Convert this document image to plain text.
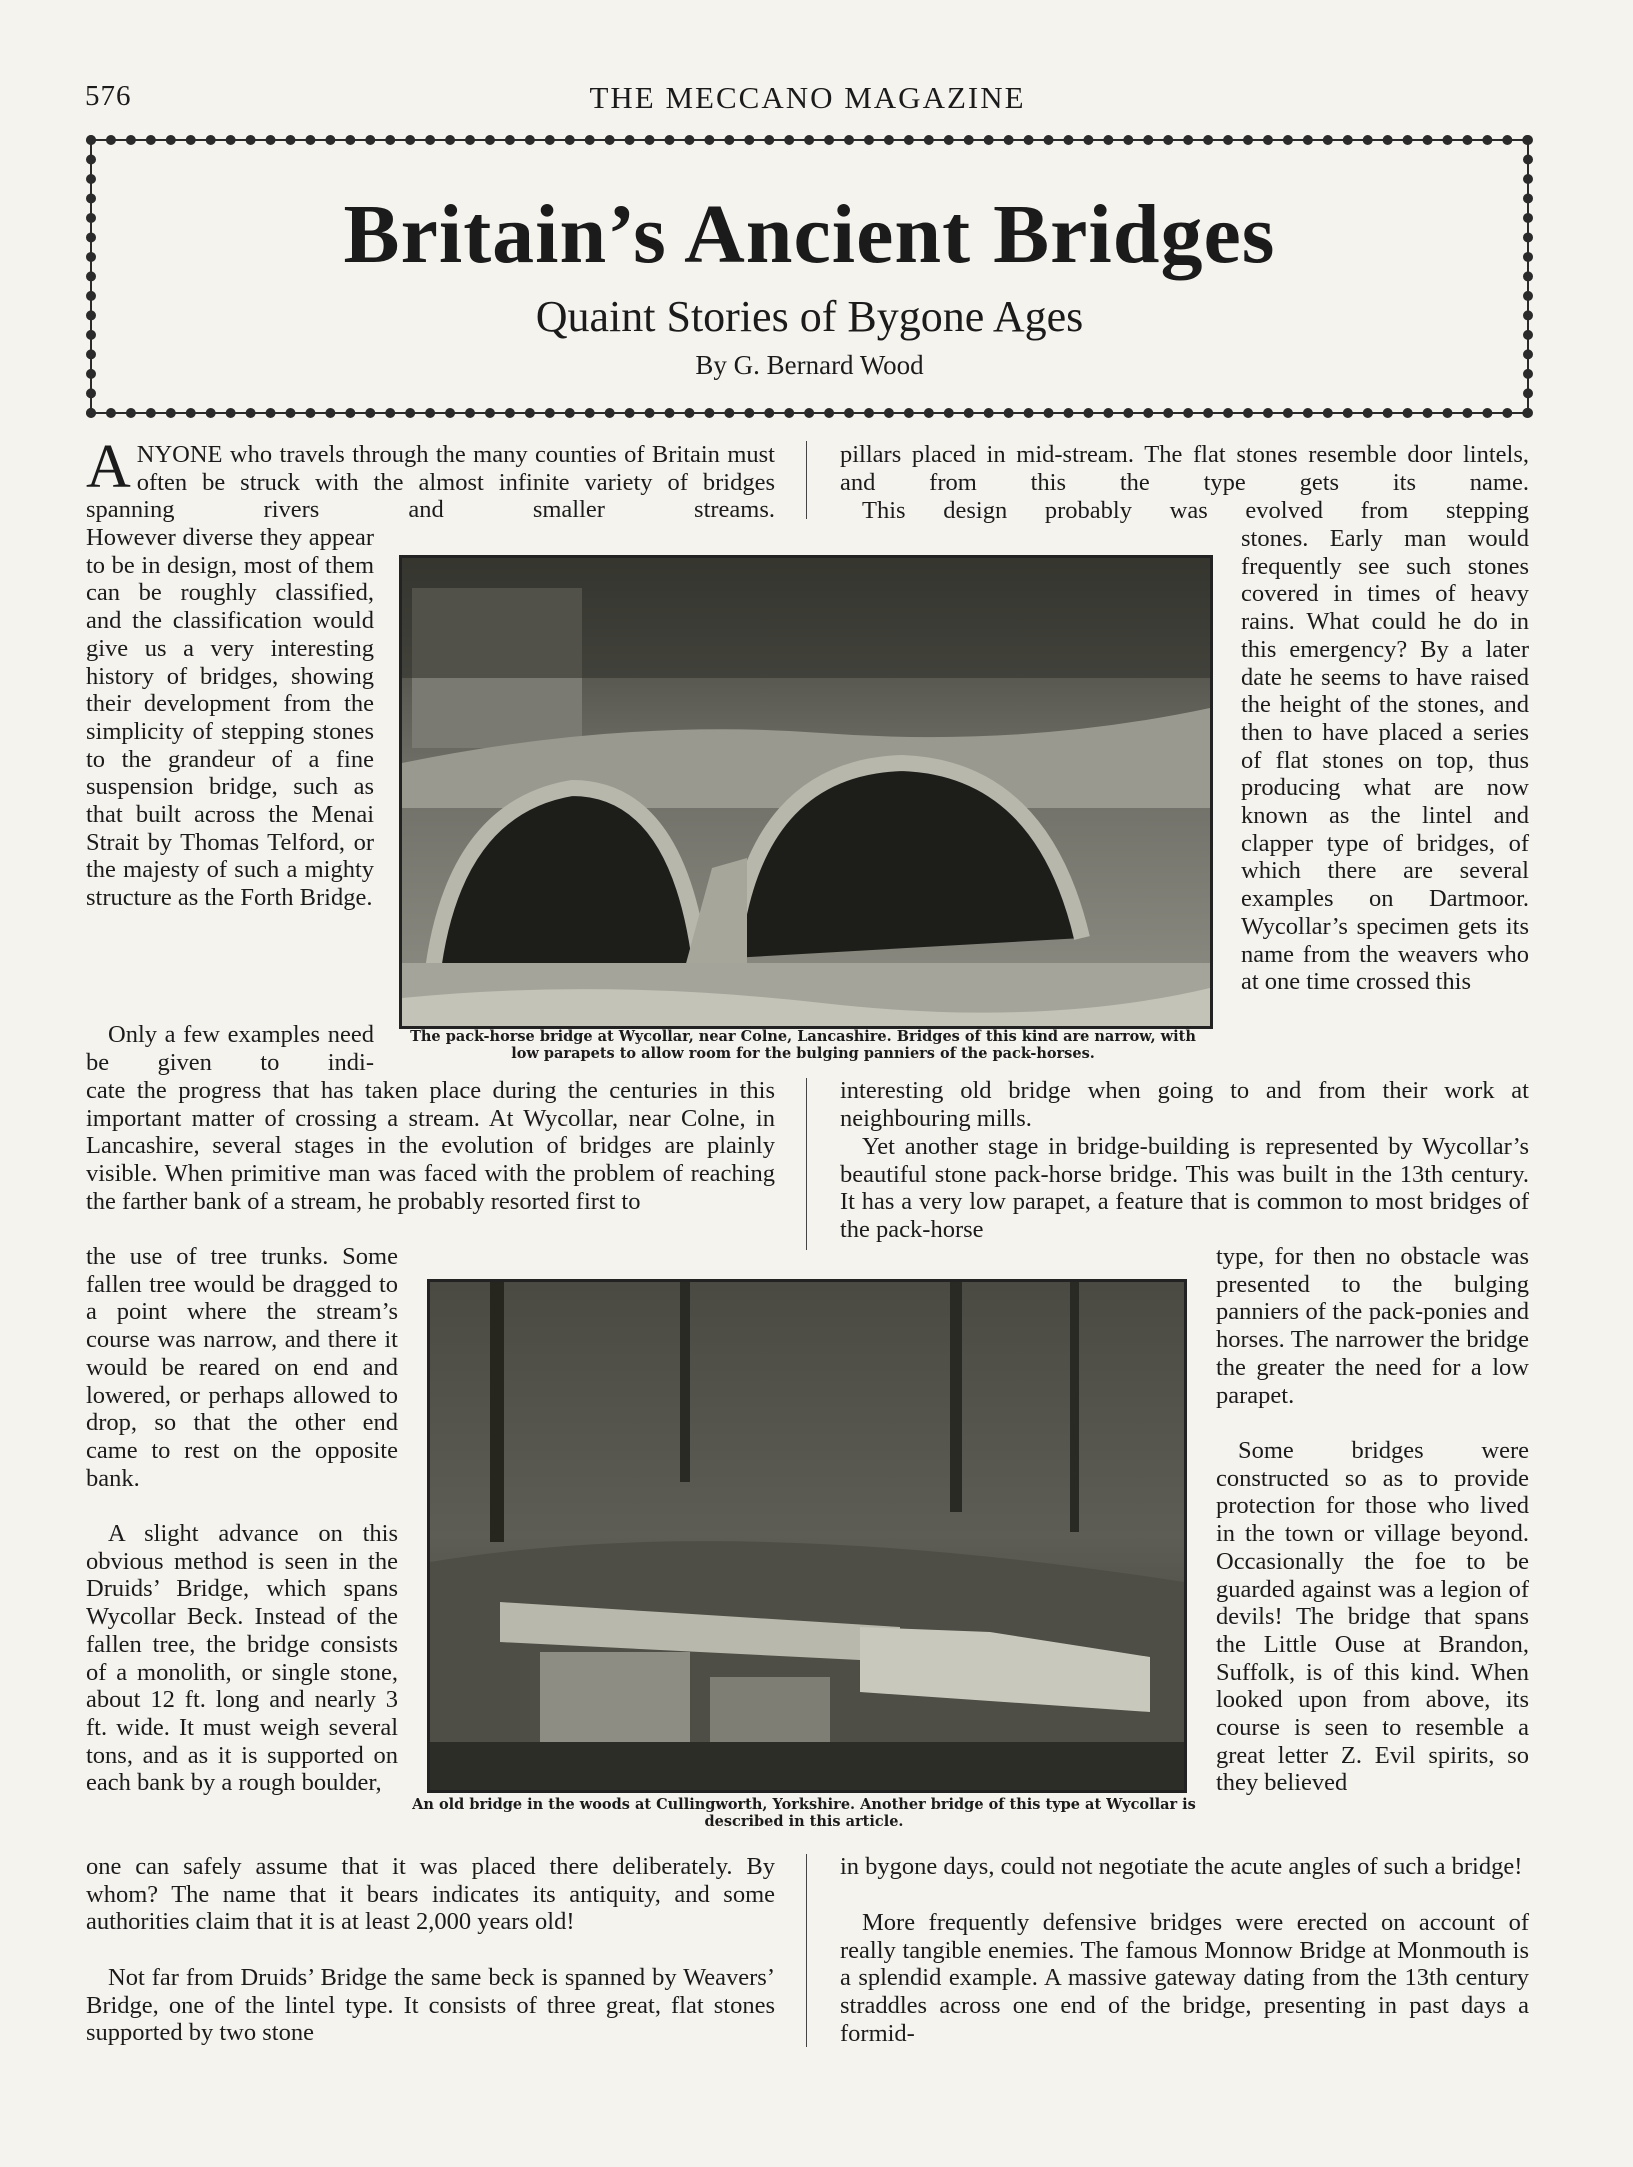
576	THE MECCANO MAGAZINE
Britain’s Ancient Bridges
Quaint Stories of Bygone Ages
By G. Bernard Wood

ANYONE who travels through the many counties of Britain must often be struck with the almost infinite variety of bridges spanning rivers and smaller streams.

However diverse they appear to be in design, most of them can be roughly classified, and the classification would give us a very interesting history of bridges, showing their development from the simplicity of stepping stones to the grandeur of a fine suspension bridge, such as that built across the Menai Strait by Thomas Telford, or the majesty of such a mighty structure as the Forth Bridge.

Only a few examples need be given to indi-

pillars placed in mid-stream. The flat stones resemble door lintels, and from this the type gets its name.

This design probably was evolved from stepping

stones. Early man would frequently see such stones covered in times of heavy rains. What could he do in this emergency? By a later date he seems to have raised the height of the stones, and then to have placed a series of flat stones on top, thus producing what are now known as the lintel and clapper type of bridges, of which there are several examples on Dartmoor. Wycollar’s specimen gets its name from the weavers who at one time crossed this

The pack-horse bridge at Wycollar, near Colne, Lancashire. Bridges of this kind are narrow, with low parapets to allow room for the bulging panniers of the pack-horses.

cate the progress that has taken place during the centuries in this important matter of crossing a stream. At Wycollar, near Colne, in Lancashire, several stages in the evolution of bridges are plainly visible. When primitive man was faced with the problem of reaching the farther bank of a stream, he probably resorted first to

interesting old bridge when going to and from their work at neighbouring mills.

Yet another stage in bridge-building is represented by Wycollar’s beautiful stone pack-horse bridge. This was built in the 13th century. It has a very low parapet, a feature that is common to most bridges of the pack-horse

the use of tree trunks. Some fallen tree would be dragged to a point where the stream’s course was narrow, and there it would be reared on end and lowered, or perhaps allowed to drop, so that the other end came to rest on the opposite bank.

A slight advance on this obvious method is seen in the Druids’ Bridge, which spans Wycollar Beck. Instead of the fallen tree, the bridge consists of a monolith, or single stone, about 12 ft. long and nearly 3 ft. wide. It must weigh several tons, and as it is supported on each bank by a rough boulder,

An old bridge in the woods at Cullingworth, Yorkshire. Another bridge of this type at Wycollar is described in this article.

type, for then no obstacle was presented to the bulging panniers of the pack-ponies and horses. The narrower the bridge the greater the need for a low parapet.

Some bridges were constructed so as to provide protection for those who lived in the town or village beyond. Occasionally the foe to be guarded against was a legion of devils! The bridge that spans the Little Ouse at Brandon, Suffolk, is of this kind. When looked upon from above, its course is seen to resemble a great letter Z. Evil spirits, so they believed

one can safely assume that it was placed there deliberately. By whom? The name that it bears indicates its antiquity, and some authorities claim that it is at least 2,000 years old!

Not far from Druids’ Bridge the same beck is spanned by Weavers’ Bridge, one of the lintel type. It consists of three great, flat stones supported by two stone

in bygone days, could not negotiate the acute angles of such a bridge!

More frequently defensive bridges were erected on account of really tangible enemies. The famous Monnow Bridge at Monmouth is a splendid example. A massive gateway dating from the 13th century straddles across one end of the bridge, presenting in past days a formid-
